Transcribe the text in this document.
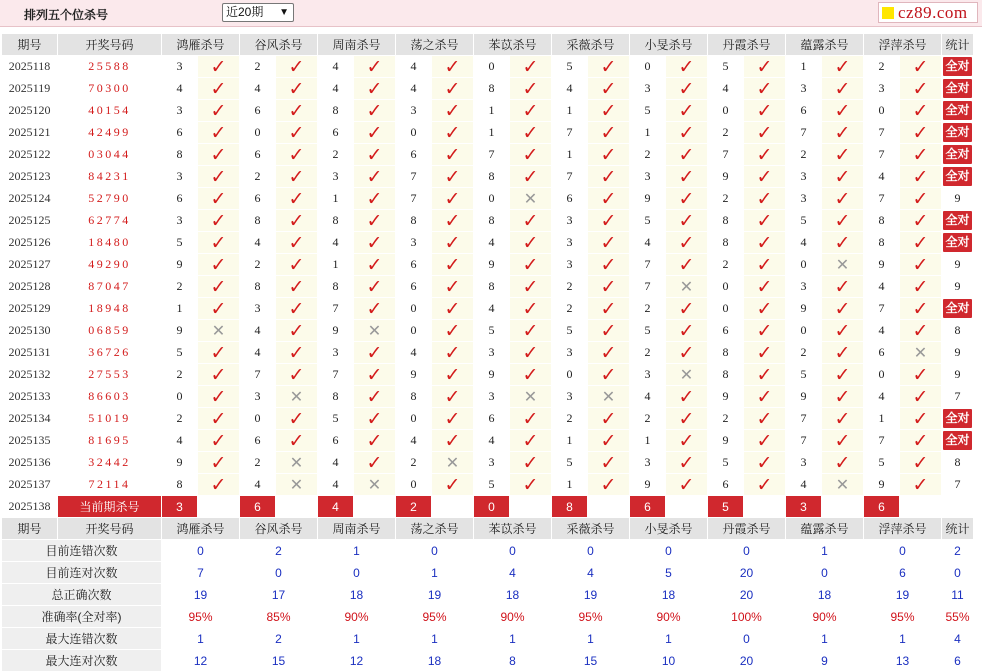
排列五个位杀号	近20期 ▼	cz89.com
期号	开奖号码	鸿雁杀号		谷风杀号		周南杀号		荡之杀号		苯苡杀号		采薇杀号		小旻杀号		丹霞杀号		蕴露杀号		浮萍杀号		统计
2025118	25588	3	✓	2	✓	4	✓	4	✓	0	✓	5	✓	0	✓	5	✓	1	✓	2	✓	全对
2025119	70300	4	✓	4	✓	4	✓	4	✓	8	✓	4	✓	3	✓	4	✓	3	✓	3	✓	全对
2025120	40154	3	✓	6	✓	8	✓	3	✓	1	✓	1	✓	5	✓	0	✓	6	✓	0	✓	全对
2025121	42499	6	✓	0	✓	6	✓	0	✓	1	✓	7	✓	1	✓	2	✓	7	✓	7	✓	全对
2025122	03044	8	✓	6	✓	2	✓	6	✓	7	✓	1	✓	2	✓	7	✓	2	✓	7	✓	全对
2025123	84231	3	✓	2	✓	3	✓	7	✓	8	✓	7	✓	3	✓	9	✓	3	✓	4	✓	全对
2025124	52790	6	✓	6	✓	1	✓	7	✓	0	✕	6	✓	9	✓	2	✓	3	✓	7	✓	9
2025125	62774	3	✓	8	✓	8	✓	8	✓	8	✓	3	✓	5	✓	8	✓	5	✓	8	✓	全对
2025126	18480	5	✓	4	✓	4	✓	3	✓	4	✓	3	✓	4	✓	8	✓	4	✓	8	✓	全对
2025127	49290	9	✓	2	✓	1	✓	6	✓	9	✓	3	✓	7	✓	2	✓	0	✕	9	✓	9
2025128	87047	2	✓	8	✓	8	✓	6	✓	8	✓	2	✓	7	✕	0	✓	3	✓	4	✓	9
2025129	18948	1	✓	3	✓	7	✓	0	✓	4	✓	2	✓	2	✓	0	✓	9	✓	7	✓	全对
2025130	06859	9	✕	4	✓	9	✕	0	✓	5	✓	5	✓	5	✓	6	✓	0	✓	4	✓	8
2025131	36726	5	✓	4	✓	3	✓	4	✓	3	✓	3	✓	2	✓	8	✓	2	✓	6	✕	9
2025132	27553	2	✓	7	✓	7	✓	9	✓	9	✓	0	✓	3	✕	8	✓	5	✓	0	✓	9
2025133	86603	0	✓	3	✕	8	✓	8	✓	3	✕	3	✕	4	✓	9	✓	9	✓	4	✓	7
2025134	51019	2	✓	0	✓	5	✓	0	✓	6	✓	2	✓	2	✓	2	✓	7	✓	1	✓	全对
2025135	81695	4	✓	6	✓	6	✓	4	✓	4	✓	1	✓	1	✓	9	✓	7	✓	7	✓	全对
2025136	32442	9	✓	2	✕	4	✓	2	✕	3	✓	5	✓	3	✓	5	✓	3	✓	5	✓	8
2025137	72114	8	✓	4	✕	4	✕	0	✓	5	✓	1	✓	9	✓	6	✓	4	✕	9	✓	7
2025138	当前期杀号	3		6		4		2		0		8		6		5		3		6		
期号	开奖号码	鸿雁杀号		谷风杀号		周南杀号		荡之杀号		苯苡杀号		采薇杀号		小旻杀号		丹霞杀号		蕴露杀号		浮萍杀号		统计
目前连错次数		0		2		1		0		0		0		0		0		1		0		2
目前连对次数		7		0		0		1		4		4		5		20		0		6		0
总正确次数		19		17		18		19		18		19		18		20		18		19		11
准确率(全对率)		95%		85%		90%		95%		90%		95%		90%		100%		90%		95%		55%
最大连错次数		1		2		1		1		1		1		1		0		1		1		4
最大连对次数		12		15		12		18		8		15		10		20		9		13		6
